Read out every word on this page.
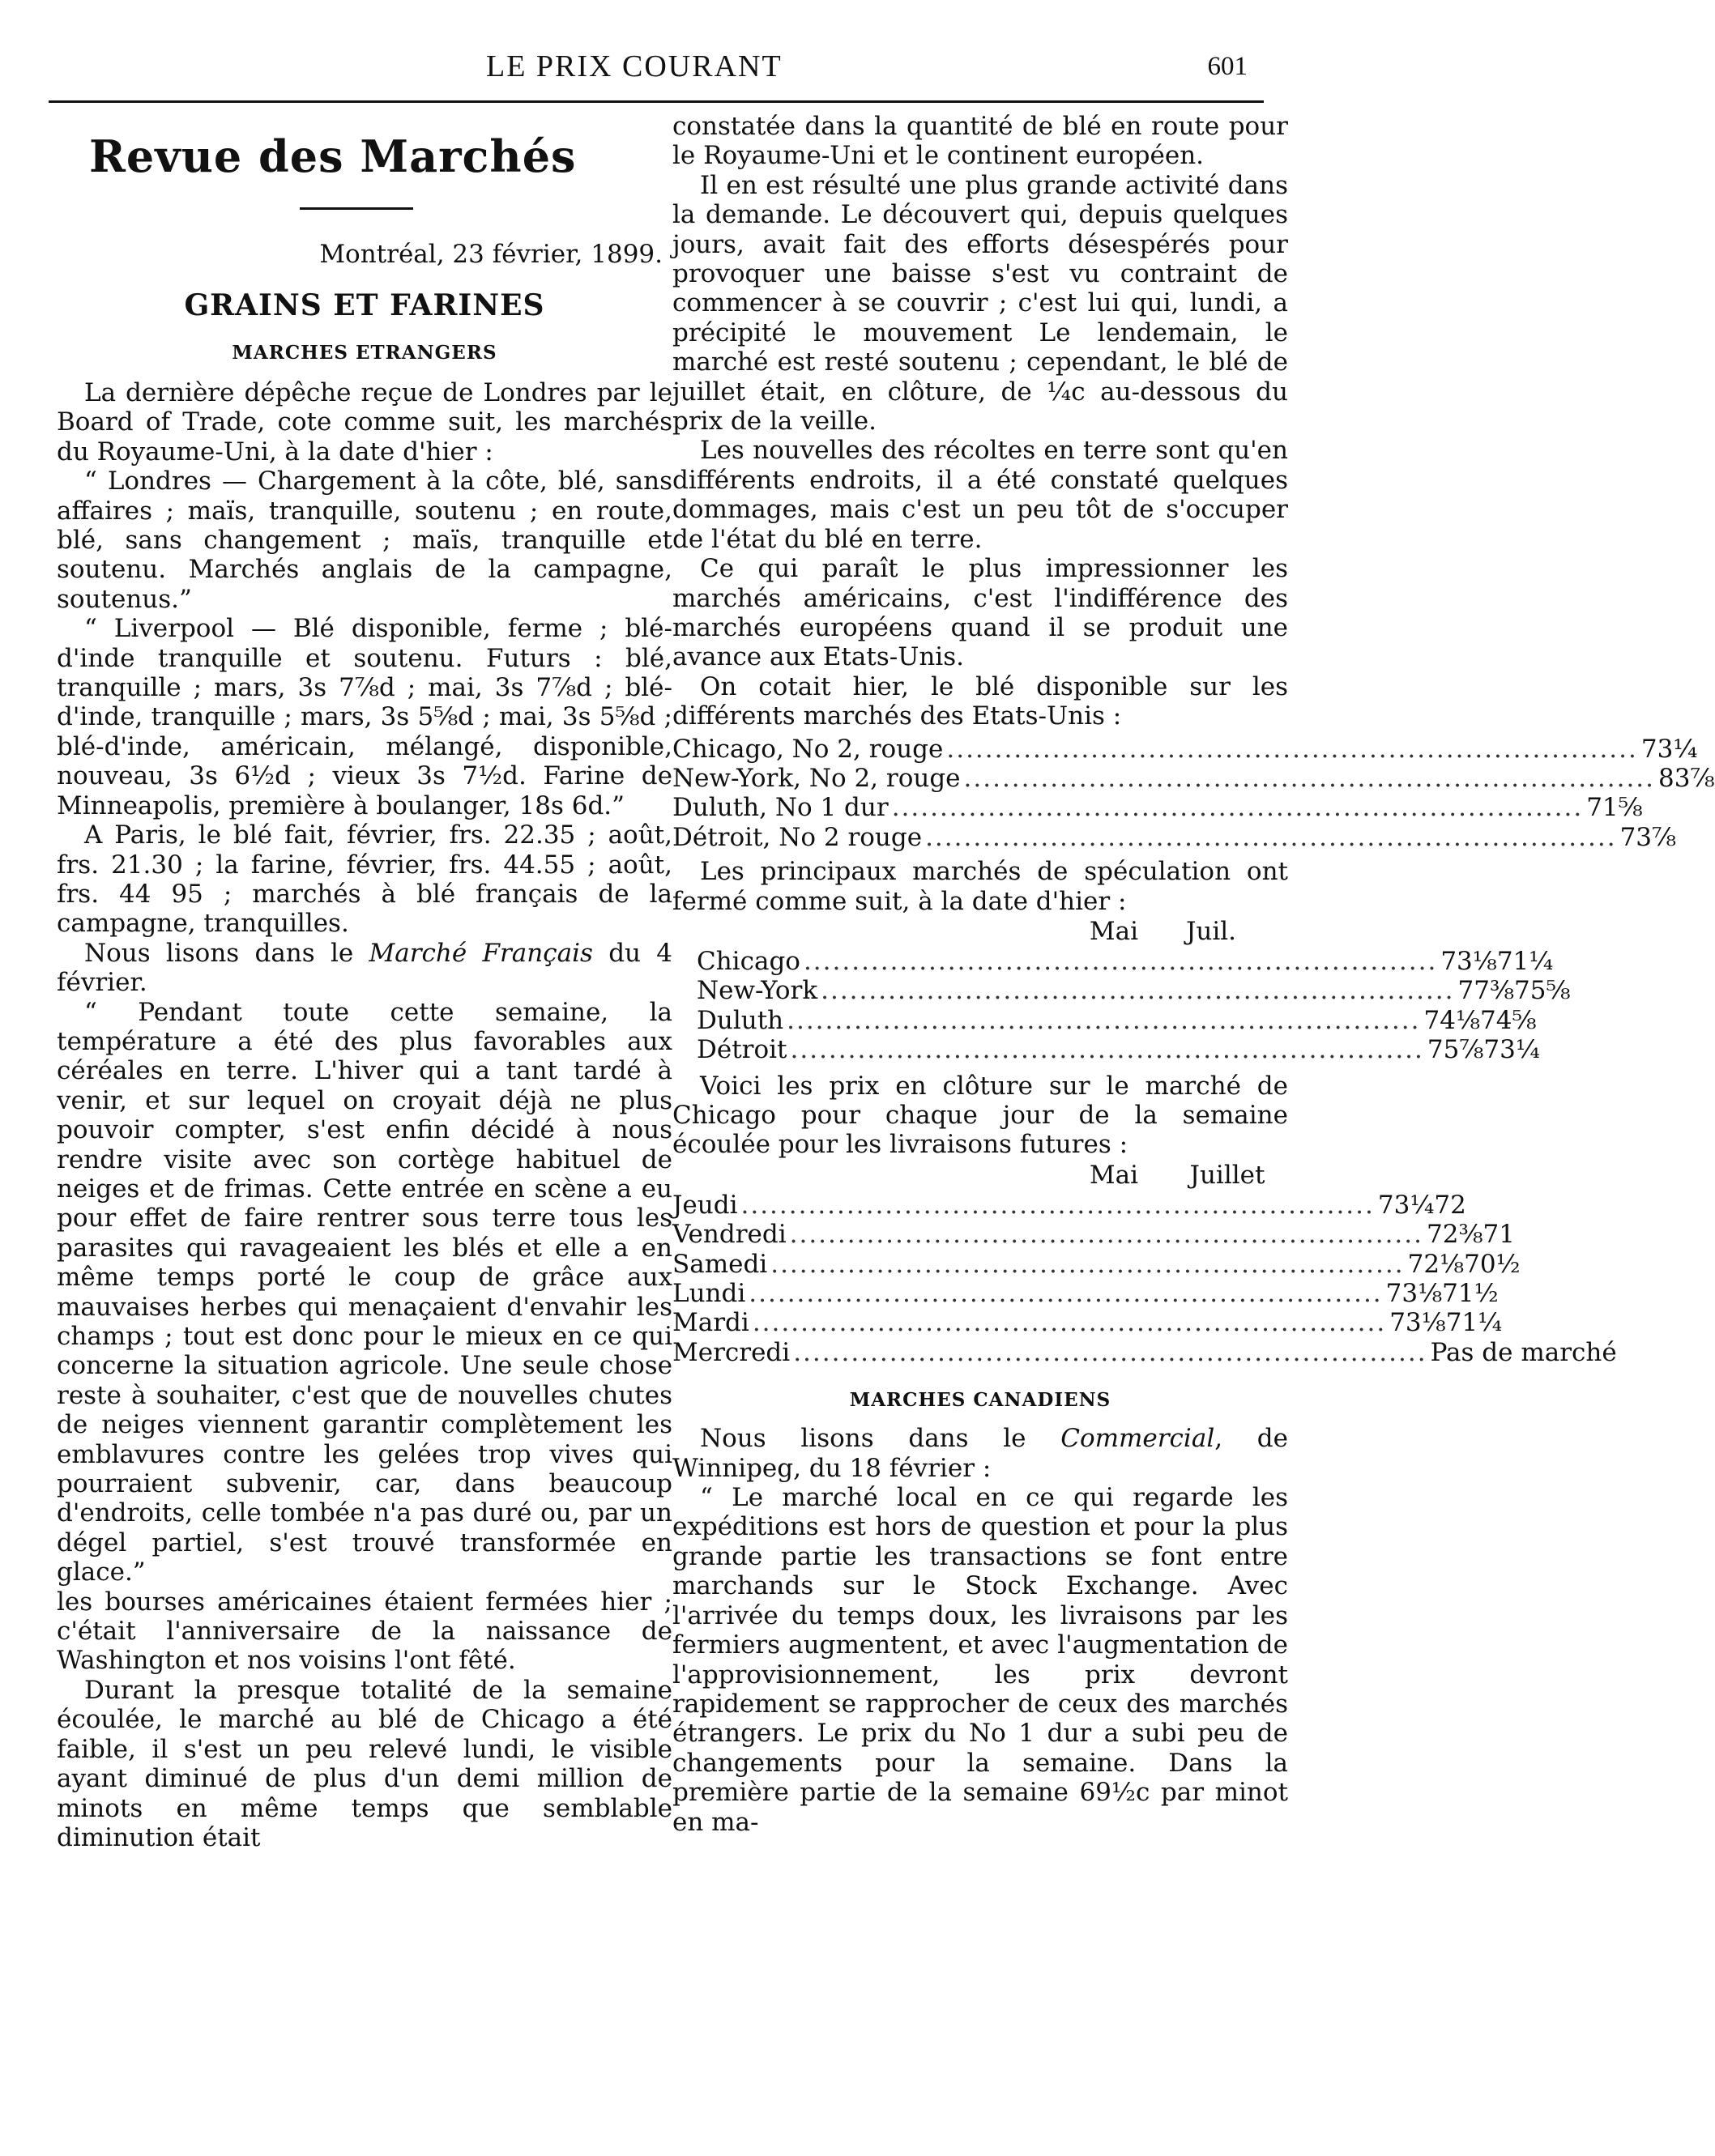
LE PRIX COURANT	601

Revue des Marchés

Montréal, 23 février, 1899.

GRAINS ET FARINES

MARCHES ETRANGERS

La dernière dépêche reçue de Londres par le Board of Trade, cote comme suit, les marchés du Royaume-Uni, à la date d'hier :

“ Londres — Chargement à la côte, blé, sans affaires ; maïs, tranquille, soutenu ; en route, blé, sans changement ; maïs, tranquille et soutenu. Marchés anglais de la campagne, soutenus.”

“ Liverpool — Blé disponible, ferme ; blé-d'inde tranquille et soutenu. Futurs : blé, tranquille ; mars, 3s 7⅞d ; mai, 3s 7⅞d ; blé-d'inde, tranquille ; mars, 3s 5⅝d ; mai, 3s 5⅝d ; blé-d'inde, américain, mélangé, disponible, nouveau, 3s 6½d ; vieux 3s 7½d. Farine de Minneapolis, première à boulanger, 18s 6d.”

A Paris, le blé fait, février, frs. 22.35 ; août, frs. 21.30 ; la farine, février, frs. 44.55 ; août, frs. 44 95 ; marchés à blé français de la campagne, tranquilles.

Nous lisons dans le Marché Français du 4 février.

“ Pendant toute cette semaine, la température a été des plus favorables aux céréales en terre. L'hiver qui a tant tardé à venir, et sur lequel on croyait déjà ne plus pouvoir compter, s'est enfin décidé à nous rendre visite avec son cortège habituel de neiges et de frimas. Cette entrée en scène a eu pour effet de faire rentrer sous terre tous les parasites qui ravageaient les blés et elle a en même temps porté le coup de grâce aux mauvaises herbes qui menaçaient d'envahir les champs ; tout est donc pour le mieux en ce qui concerne la situation agricole. Une seule chose reste à souhaiter, c'est que de nouvelles chutes de neiges viennent garantir complètement les emblavures contre les gelées trop vives qui pourraient subvenir, car, dans beaucoup d'endroits, celle tombée n'a pas duré ou, par un dégel partiel, s'est trouvé transformée en glace.”

les bourses américaines étaient fermées hier ; c'était l'anniversaire de la naissance de Washington et nos voisins l'ont fêté.

Durant la presque totalité de la semaine écoulée, le marché au blé de Chicago a été faible, il s'est un peu relevé lundi, le visible ayant diminué de plus d'un demi million de minots en même temps que semblable diminution était

constatée dans la quantité de blé en route pour le Royaume-Uni et le continent européen.

Il en est résulté une plus grande activité dans la demande. Le découvert qui, depuis quelques jours, avait fait des efforts désespérés pour provoquer une baisse s'est vu contraint de commencer à se couvrir ; c'est lui qui, lundi, a précipité le mouvement Le lendemain, le marché est resté soutenu ; cependant, le blé de juillet était, en clôture, de ¼c au-dessous du prix de la veille.

Les nouvelles des récoltes en terre sont qu'en différents endroits, il a été constaté quelques dommages, mais c'est un peu tôt de s'occuper de l'état du blé en terre.

Ce qui paraît le plus impressionner les marchés américains, c'est l'indifférence des marchés européens quand il se produit une avance aux Etats-Unis.

On cotait hier, le blé disponible sur les différents marchés des Etats-Unis :

Chicago, No 2, rouge ........................................................................ 73¼
New-York, No 2, rouge ........................................................................ 83⅞
Duluth, No 1 dur ........................................................................ 71⅝
Détroit, No 2 rouge ........................................................................ 73⅞

Les principaux marchés de spéculation ont fermé comme suit, à la date d'hier :

Mai	Juil.
Chicago .................................................................. 73⅛ 71¼
New-York .................................................................. 77⅜ 75⅝
Duluth .................................................................. 74⅛ 74⅝
Détroit .................................................................. 75⅞ 73¼

Voici les prix en clôture sur le marché de Chicago pour chaque jour de la semaine écoulée pour les livraisons futures :

Mai	Juillet
Jeudi .................................................................. 73¼ 72
Vendredi .................................................................. 72⅜ 71
Samedi .................................................................. 72⅛ 70½
Lundi .................................................................. 73⅛ 71½
Mardi .................................................................. 73⅛ 71¼
Mercredi .................................................................. Pas de marché

MARCHES CANADIENS

Nous lisons dans le Commercial, de Winnipeg, du 18 février :

“ Le marché local en ce qui regarde les expéditions est hors de question et pour la plus grande partie les transactions se font entre marchands sur le Stock Exchange. Avec l'arrivée du temps doux, les livraisons par les fermiers augmentent, et avec l'augmentation de l'approvisionnement, les prix devront rapidement se rapprocher de ceux des marchés étrangers. Le prix du No 1 dur a subi peu de changements pour la semaine. Dans la première partie de la semaine 69½c par minot en ma-
